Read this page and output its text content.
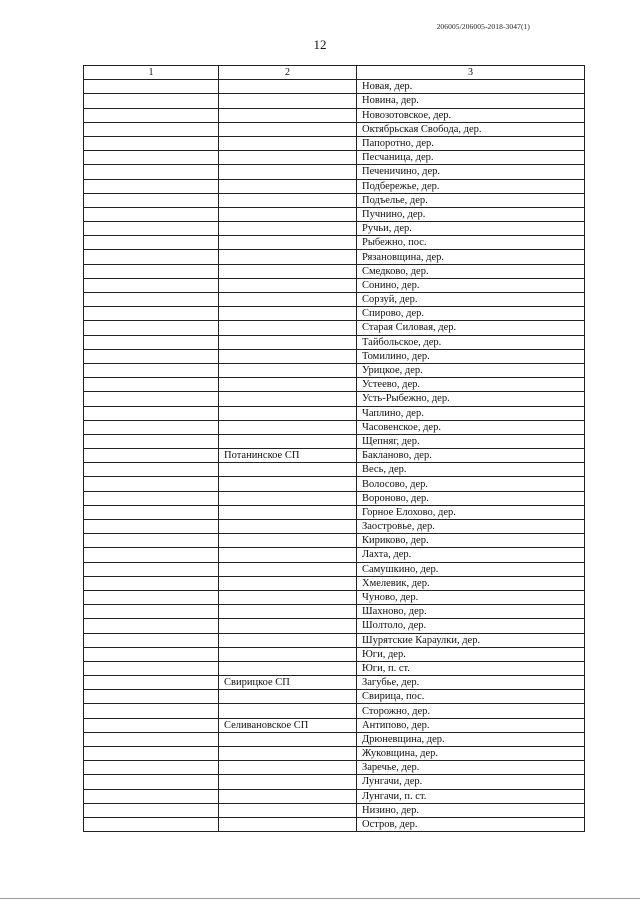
206005/206005-2018-3047(1)
12
1	2	3
		Новая, дер.
		Новина, дер.
		Новозотовское, дер.
		Октябрьская Свобода, дер.
		Папоротно, дер.
		Песчаница, дер.
		Печеничино, дер.
		Подбережье, дер.
		Подъелье, дер.
		Пучнино, дер.
		Ручьи, дер.
		Рыбежно, пос.
		Рязановщина, дер.
		Смедково, дер.
		Сонино, дер.
		Сорзуй, дер.
		Спирово, дер.
		Старая Силовая, дер.
		Тайбольское, дер.
		Томилино, дер.
		Урицкое, дер.
		Устеево, дер.
		Усть-Рыбежно, дер.
		Чаплино, дер.
		Часовенское, дер.
		Щепняг, дер.
	Потанинское СП	Бакланово, дер.
		Весь, дер.
		Волосово, дер.
		Вороново, дер.
		Горное Елохово, дер.
		Заостровье, дер.
		Кириково, дер.
		Лахта, дер.
		Самушкино, дер.
		Хмелевик, дер.
		Чуново, дер.
		Шахново, дер.
		Шолтоло, дер.
		Шурятские Караулки, дер.
		Юги, дер.
		Юги, п. ст.
	Свирицкое СП	Загубье, дер.
		Свирица, пос.
		Сторожно, дер.
	Селивановское СП	Антипово, дер.
		Дрюневщина, дер.
		Жуковщина, дер.
		Заречье, дер.
		Лунгачи, дер.
		Лунгачи, п. ст.
		Низино, дер.
		Остров, дер.
